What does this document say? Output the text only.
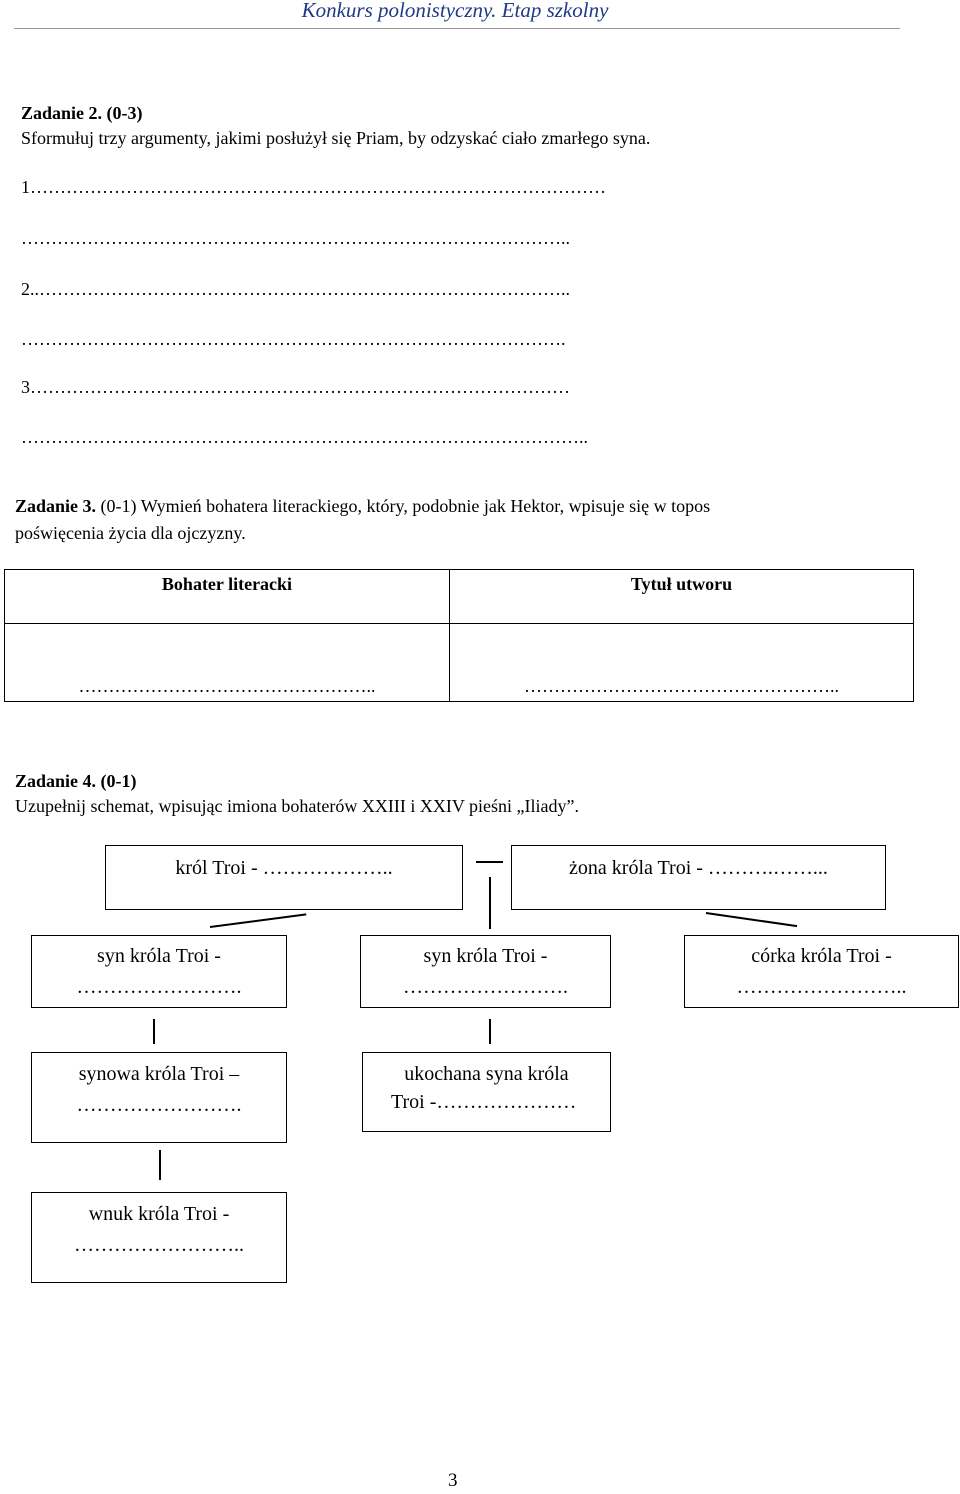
Konkurs polonistyczny. Etap szkolny
Zadanie 2. (0-3)
Sformułuj trzy argumenty, jakimi posłużył się Priam, by odzyskać ciało zmarłego syna.
1……………………………………………………………………………………
………………………………………………………………………………..
2..……………………………………………………………………………..
……………………………………………………………………………….
3………………………………………………………………………………
…………………………………………………………………………………..
Zadanie 3. (0-1) Wymień bohatera literackiego, który, podobnie jak Hektor, wpisuje się w topos
poświęcenia życia dla ojczyzny.
Bohater literacki	Tytuł utworu
…………………………………………..	……………………………………………..
Zadanie 4. (0-1)
Uzupełnij schemat, wpisując imiona bohaterów XXIII i XXIV pieśni „Iliady”.
król Troi - ………………..	żona króla Troi - ……….……...
syn króla Troi -
…………………….
syn króla Troi -
…………………….
córka króla Troi -
……………………..
synowa króla Troi –
…………………….
ukochana syna króla
Troi -…………………
wnuk króla Troi -
……………………..
3
